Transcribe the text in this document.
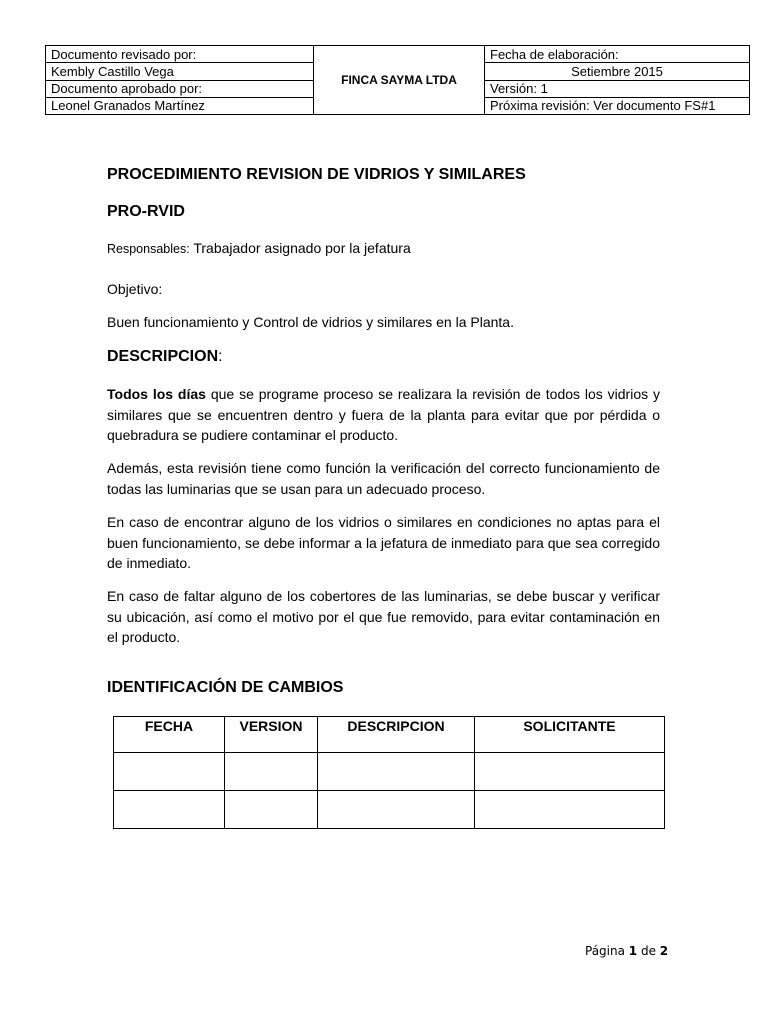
Documento revisado por:	FINCA SAYMA LTDA	Fecha de elaboración:
Kembly Castillo Vega		Setiembre 2015
Documento aprobado por:		Versión: 1
Leonel Granados Martínez		Próxima revisión: Ver documento FS#1
PROCEDIMIENTO REVISION DE VIDRIOS Y SIMILARES
PRO-RVID
Responsables: Trabajador asignado por la jefatura
Objetivo:
Buen funcionamiento y Control de vidrios y similares en la Planta.
DESCRIPCION:

Todos los días que se programe proceso se realizara la revisión de todos los vidrios y similares que se encuentren dentro y fuera de la planta para evitar que por pérdida o quebradura se pudiere contaminar el producto.

Además, esta revisión tiene como función la verificación del correcto funcionamiento de todas las luminarias que se usan para un adecuado proceso.

En caso de encontrar alguno de los vidrios o similares en condiciones no aptas para el buen funcionamiento, se debe informar a la jefatura de inmediato para que sea corregido de inmediato.

En caso de faltar alguno de los cobertores de las luminarias, se debe buscar y verificar su ubicación, así como el motivo por el que fue removido, para evitar contaminación en el producto.

IDENTIFICACIÓN DE CAMBIOS
FECHA	VERSION	DESCRIPCION	SOLICITANTE

Página 1 de 2
